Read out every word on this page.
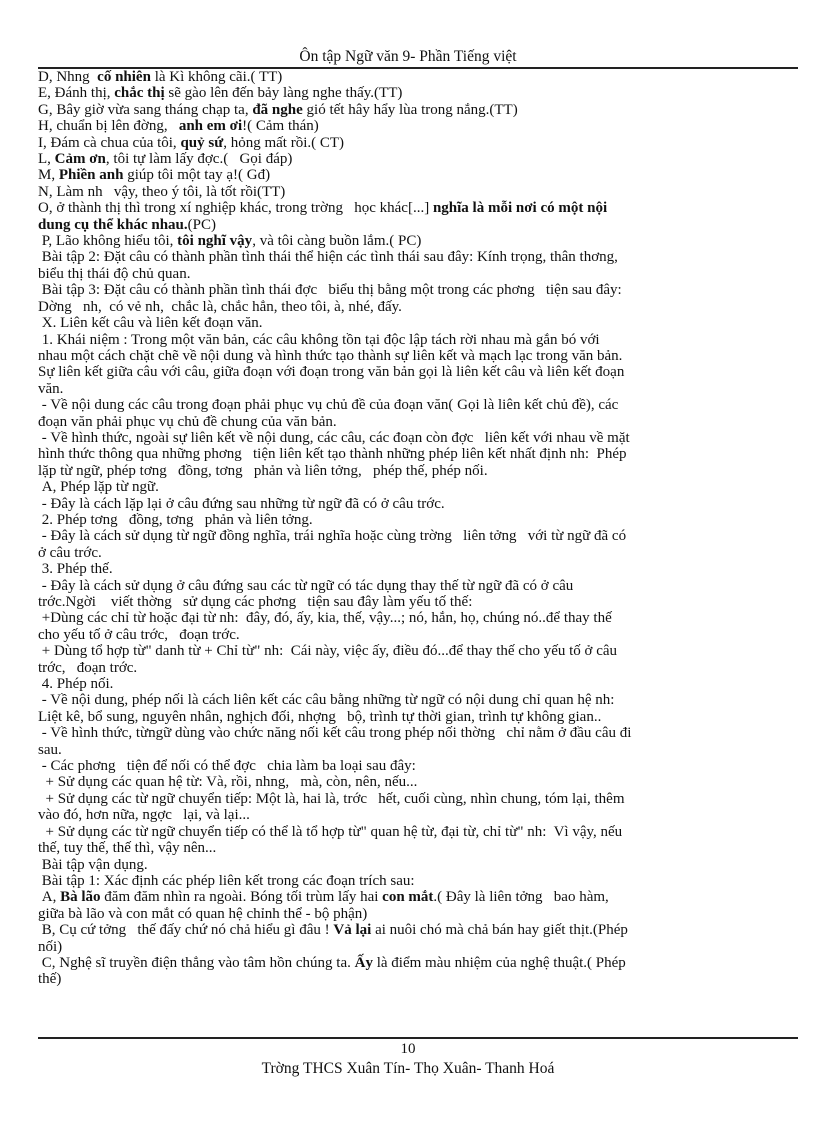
Ôn tập Ngữ văn 9- Phần Tiếng việt
D, Nhng  cố nhiên là Kì không cãi.( TT)
E, Đánh thị, chắc thị sẽ gào lên đến bảy làng nghe thấy.(TT)
G, Bây giờ vừa sang tháng chạp ta, đã nghe gió tết hây hẩy lùa trong nắng.(TT)
H, chuẩn bị lên đờng,   anh em ơi!( Cảm thán)
I, Đám cà chua của tôi, quỷ sứ, hỏng mất rồi.( CT)
L, Cảm ơn, tôi tự làm lấy đợc.(   Gọi đáp)
M, Phiền anh giúp tôi một tay ạ!( Gđ)
N, Làm nh   vậy, theo ý tôi, là tốt rồi(TT)
O, ở thành thị thì trong xí nghiệp khác, trong trờng   học khác[...] nghĩa là mỗi nơi có một nội
dung cụ thể khác nhau.(PC)
P, Lão không hiểu tôi, tôi nghĩ vậy, và tôi càng buồn lắm.( PC)
Bài tập 2: Đặt câu có thành phần tình thái thể hiện các tình thái sau đây: Kính trọng, thân thơng,
biểu thị thái độ chủ quan.
Bài tập 3: Đặt câu có thành phần tình thái đợc   biểu thị bằng một trong các phơng   tiện sau đây:
Dờng   nh,  có vẻ nh,  chắc là, chắc hẳn, theo tôi, à, nhé, đấy.
X. Liên kết câu và liên kết đoạn văn.
1. Khái niệm : Trong một văn bản, các câu không tồn tại độc lập tách rời nhau mà gắn bó với
nhau một cách chặt chẽ về nội dung và hình thức tạo thành sự liên kết và mạch lạc trong văn bản.
Sự liên kết giữa câu với câu, giữa đoạn với đoạn trong văn bản gọi là liên kết câu và liên kết đoạn
văn.
- Về nội dung các câu trong đoạn phải phục vụ chủ đề của đoạn văn( Gọi là liên kết chủ đề), các
đoạn văn phải phục vụ chủ đề chung của văn bản.
- Về hình thức, ngoài sự liên kết về nội dung, các câu, các đoạn còn đợc   liên kết với nhau về mặt
hình thức thông qua những phơng   tiện liên kết tạo thành những phép liên kết nhất định nh:  Phép
lặp từ ngữ, phép tơng   đồng, tơng   phản và liên tởng,   phép thế, phép nối.
A, Phép lặp từ ngữ.
- Đây là cách lặp lại ở câu đứng sau những từ ngữ đã có ở câu trớc.
2. Phép tơng   đồng, tơng   phản và liên tởng.
- Đây là cách sử dụng từ ngữ đồng nghĩa, trái nghĩa hoặc cùng trờng   liên tởng   với từ ngữ đã có
ở câu trớc.
3. Phép thế.
- Đây là cách sử dụng ở câu đứng sau các từ ngữ có tác dụng thay thế từ ngữ đã có ở câu
trớc.Ngời    viết thờng   sử dụng các phơng   tiện sau đây làm yếu tố thế:
+Dùng các chỉ từ hoặc đại từ nh:  đây, đó, ấy, kia, thế, vậy...; nó, hắn, họ, chúng nó..để thay thế
cho yếu tố ở câu trớc,   đoạn trớc.
+ Dùng tổ hợp từ" danh từ + Chỉ từ" nh:  Cái này, việc ấy, điều đó...để thay thế cho yếu tố ở câu
trớc,   đoạn trớc.
4. Phép nối.
- Về nội dung, phép nối là cách liên kết các câu bằng những từ ngữ có nội dung chỉ quan hệ nh:
Liệt kê, bổ sung, nguyên nhân, nghịch đối, nhợng   bộ, trình tự thời gian, trình tự không gian..
- Về hình thức, từngữ dùng vào chức năng nối kết câu trong phép nối thờng   chỉ nằm ở đầu câu đi
sau.
- Các phơng   tiện để nối có thể đợc   chia làm ba loại sau đây:
+ Sử dụng các quan hệ từ: Và, rồi, nhng,   mà, còn, nên, nếu...
+ Sử dụng các từ ngữ chuyển tiếp: Một là, hai là, trớc   hết, cuối cùng, nhìn chung, tóm lại, thêm
vào đó, hơn nữa, ngợc   lại, và lại...
+ Sử dụng các từ ngữ chuyển tiếp có thể là tổ hợp từ" quan hệ từ, đại từ, chỉ từ" nh:  Vì vậy, nếu
thế, tuy thế, thế thì, vậy nên...
Bài tập vận dụng.
Bài tập 1: Xác định các phép liên kết trong các đoạn trích sau:
A, Bà lão đăm đăm nhìn ra ngoài. Bóng tối trùm lấy hai con mắt.( Đây là liên tởng   bao hàm,
giữa bà lão và con mắt có quan hệ chỉnh thể - bộ phận)
B, Cụ cứ tởng   thế đấy chứ nó chả hiểu gì đâu ! Vả lại ai nuôi chó mà chả bán hay giết thịt.(Phép
nối)
C, Nghệ sĩ truyền điện thẳng vào tâm hồn chúng ta. Ấy là điểm màu nhiệm của nghệ thuật.( Phép
thế)
10
Trờng THCS Xuân Tín- Thọ Xuân- Thanh Hoá
